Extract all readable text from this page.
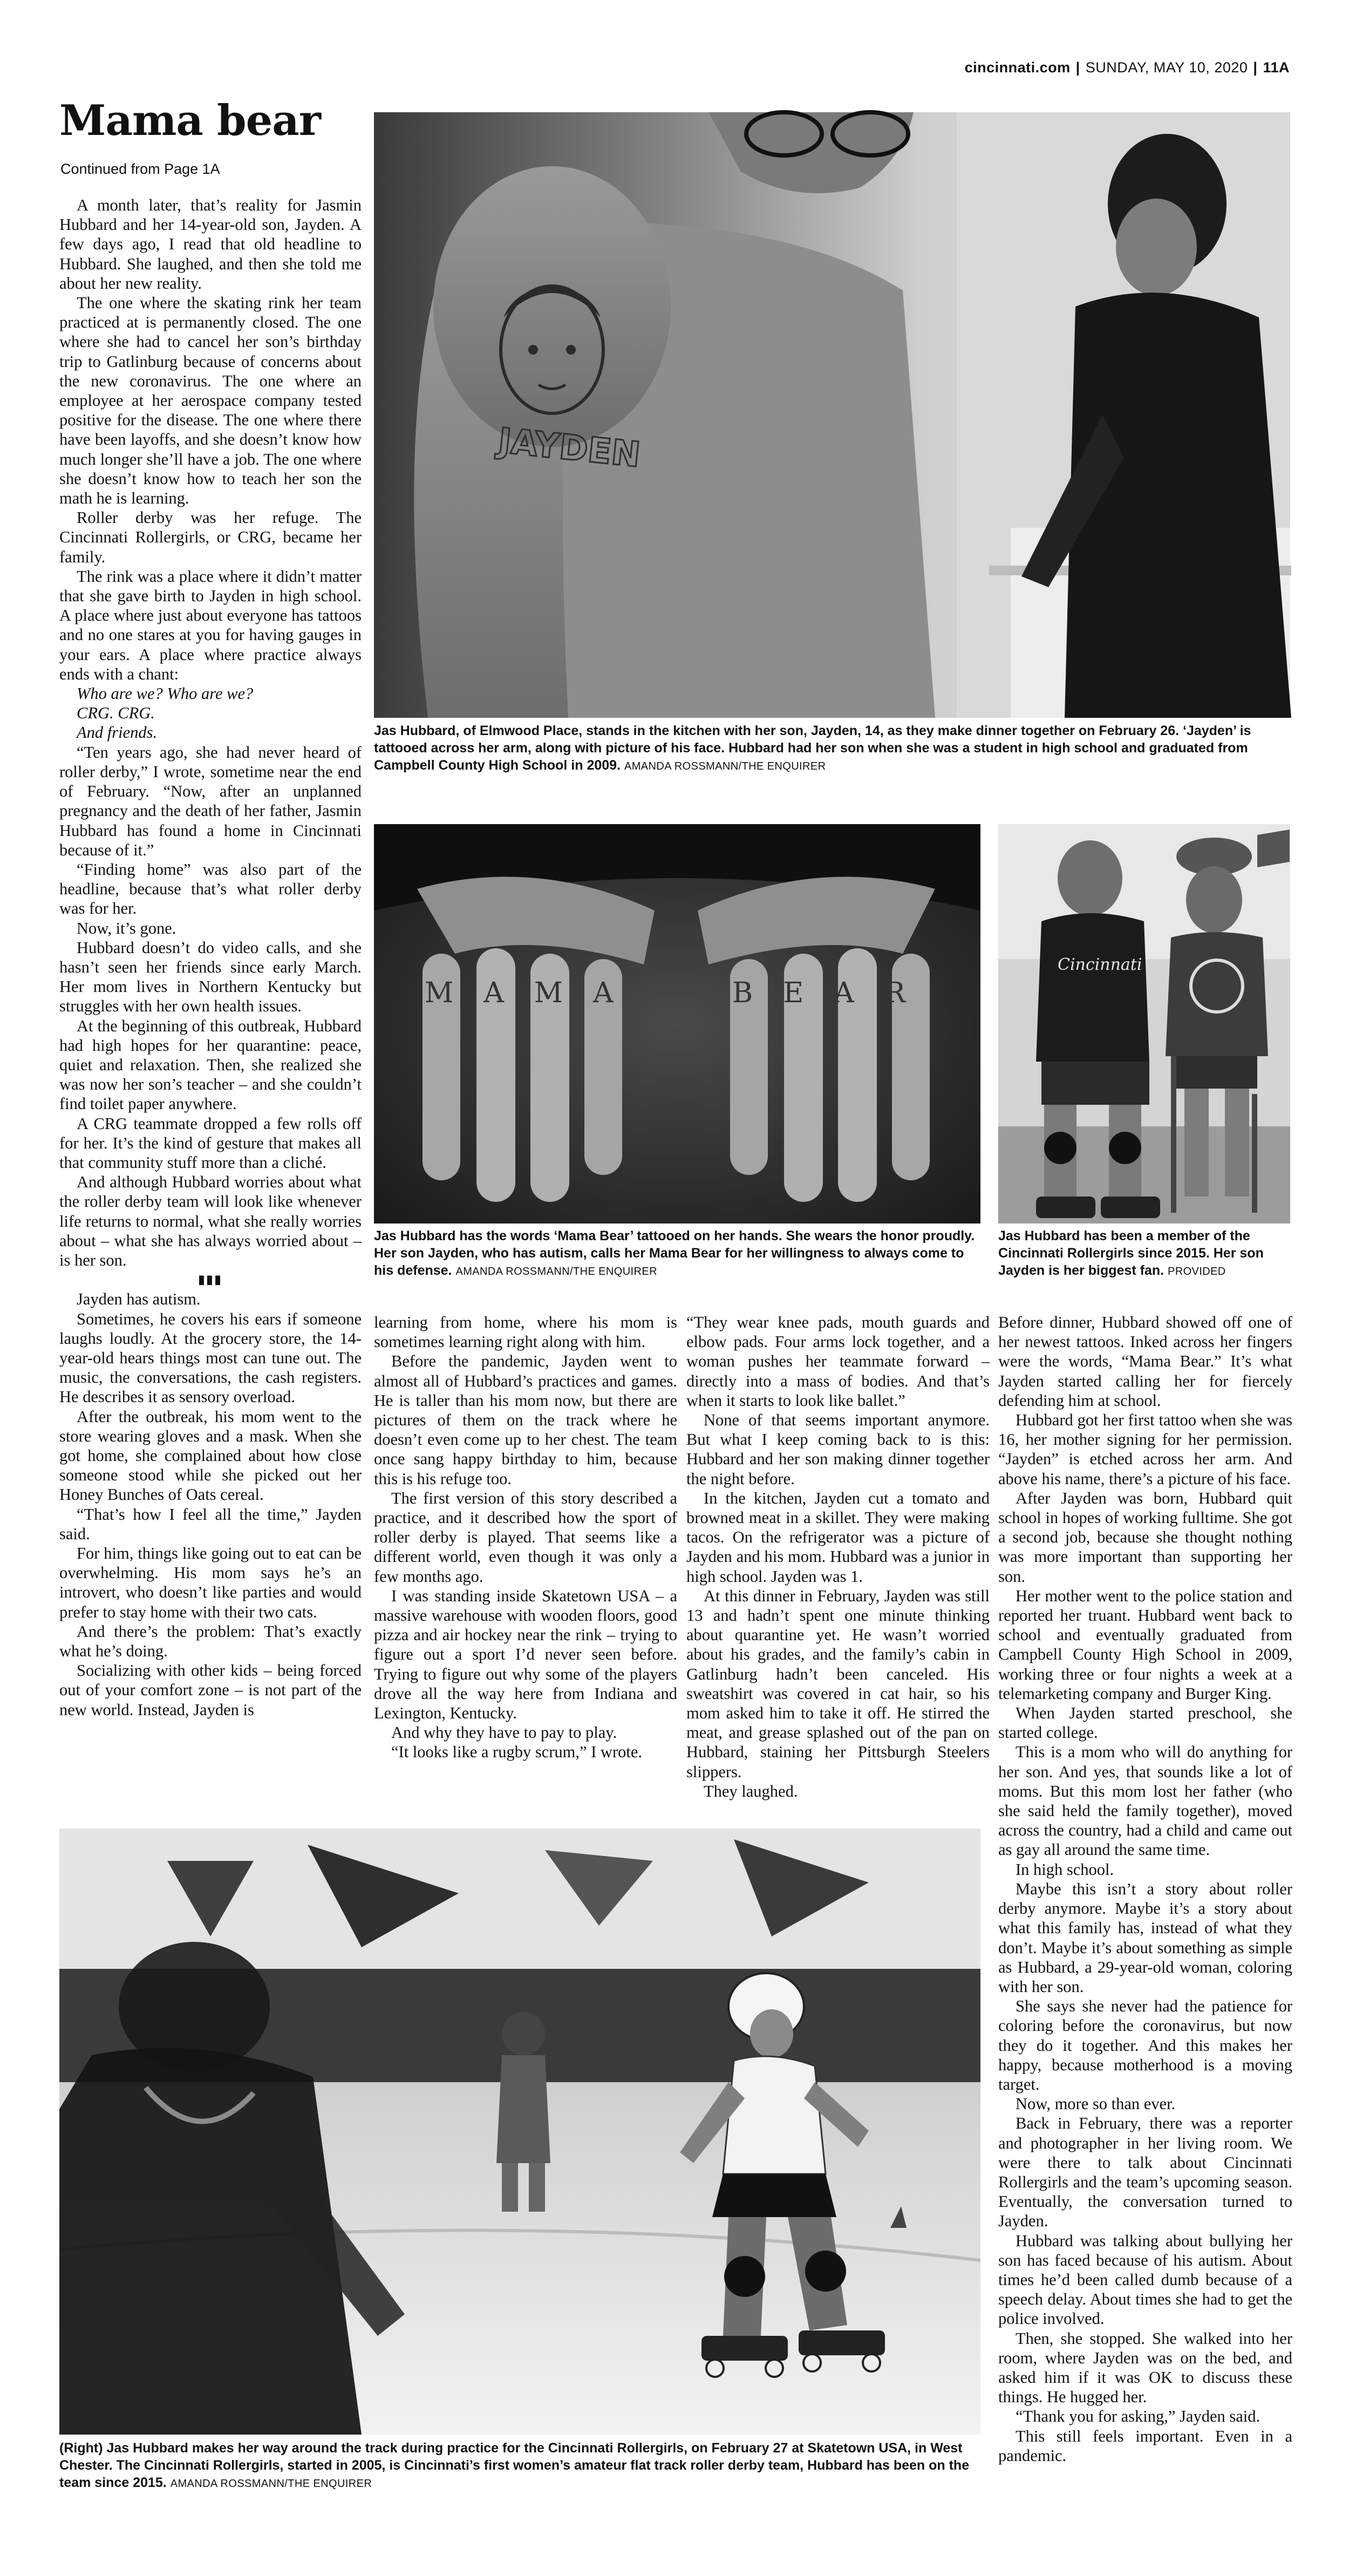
cincinnati.com | SUNDAY, MAY 10, 2020 | 11A
Mama bear
Continued from Page 1A

A month later, that’s reality for Jasmin Hubbard and her 14-year-old son, Jayden. A few days ago, I read that old headline to Hubbard. She laughed, and then she told me about her new reality.

The one where the skating rink her team practiced at is permanently closed. The one where she had to cancel her son’s birthday trip to Gatlinburg because of concerns about the new coronavirus. The one where an employee at her aerospace company tested positive for the disease. The one where there have been layoffs, and she doesn’t know how much longer she’ll have a job. The one where she doesn’t know how to teach her son the math he is learning.

Roller derby was her refuge. The Cincinnati Rollergirls, or CRG, became her family.

The rink was a place where it didn’t matter that she gave birth to Jayden in high school. A place where just about everyone has tattoos and no one stares at you for having gauges in your ears. A place where practice always ends with a chant:

Who are we? Who are we?

CRG. CRG.

And friends.

“Ten years ago, she had never heard of roller derby,” I wrote, sometime near the end of February. “Now, after an unplanned pregnancy and the death of her father, Jasmin Hubbard has found a home in Cincinnati because of it.”

“Finding home” was also part of the headline, because that’s what roller derby was for her.

Now, it’s gone.

Hubbard doesn’t do video calls, and she hasn’t seen her friends since early March. Her mom lives in Northern Kentucky but struggles with her own health issues.

At the beginning of this outbreak, Hubbard had high hopes for her quarantine: peace, quiet and relaxation. Then, she realized she was now her son’s teacher – and she couldn’t find toilet paper anywhere.

A CRG teammate dropped a few rolls off for her. It’s the kind of gesture that makes all that community stuff more than a cliché.

And although Hubbard worries about what the roller derby team will look like whenever life returns to normal, what she really worries about – what she has always worried about – is her son.

▮▮▮

Jayden has autism.

Sometimes, he covers his ears if someone laughs loudly. At the grocery store, the 14-year-old hears things most can tune out. The music, the conversations, the cash registers. He describes it as sensory overload.

After the outbreak, his mom went to the store wearing gloves and a mask. When she got home, she complained about how close someone stood while she picked out her Honey Bunches of Oats cereal.

“That’s how I feel all the time,” Jayden said.

For him, things like going out to eat can be overwhelming. His mom says he’s an introvert, who doesn’t like parties and would prefer to stay home with their two cats.

And there’s the problem: That’s exactly what he’s doing.

Socializing with other kids – being forced out of your comfort zone – is not part of the new world. Instead, Jayden is

JAYDEN
Jas Hubbard, of Elmwood Place, stands in the kitchen with her son, Jayden, 14, as they make dinner together on February 26. ‘Jayden’ is tattooed across her arm, along with picture of his face. Hubbard had her son when she was a student in high school and graduated from Campbell County High School in 2009. AMANDA ROSSMANN/THE ENQUIRER
MAMA	BEAR
Jas Hubbard has the words ‘Mama Bear’ tattooed on her hands. She wears the honor proudly. Her son Jayden, who has autism, calls her Mama Bear for her willingness to always come to his defense. AMANDA ROSSMANN/THE ENQUIRER
Cincinnati
Jas Hubbard has been a member of the Cincinnati Rollergirls since 2015. Her son Jayden is her biggest fan. PROVIDED

learning from home, where his mom is sometimes learning right along with him.

Before the pandemic, Jayden went to almost all of Hubbard’s practices and games. He is taller than his mom now, but there are pictures of them on the track where he doesn’t even come up to her chest. The team once sang happy birthday to him, because this is his refuge too.

The first version of this story described a practice, and it described how the sport of roller derby is played. That seems like a different world, even though it was only a few months ago.

I was standing inside Skatetown USA – a massive warehouse with wooden floors, good pizza and air hockey near the rink – trying to figure out a sport I’d never seen before. Trying to figure out why some of the players drove all the way here from Indiana and Lexington, Kentucky.

And why they have to pay to play.

“It looks like a rugby scrum,” I wrote.

“They wear knee pads, mouth guards and elbow pads. Four arms lock together, and a woman pushes her teammate forward – directly into a mass of bodies. And that’s when it starts to look like ballet.”

None of that seems important anymore. But what I keep coming back to is this: Hubbard and her son making dinner together the night before.

In the kitchen, Jayden cut a tomato and browned meat in a skillet. They were making tacos. On the refrigerator was a picture of Jayden and his mom. Hubbard was a junior in high school. Jayden was 1.

At this dinner in February, Jayden was still 13 and hadn’t spent one minute thinking about quarantine yet. He wasn’t worried about his grades, and the family’s cabin in Gatlinburg hadn’t been canceled. His sweatshirt was covered in cat hair, so his mom asked him to take it off. He stirred the meat, and grease splashed out of the pan on Hubbard, staining her Pittsburgh Steelers slippers.

They laughed.

Before dinner, Hubbard showed off one of her newest tattoos. Inked across her fingers were the words, “Mama Bear.” It’s what Jayden started calling her for fiercely defending him at school.

Hubbard got her first tattoo when she was 16, her mother signing for her permission. “Jayden” is etched across her arm. And above his name, there’s a picture of his face.

After Jayden was born, Hubbard quit school in hopes of working fulltime. She got a second job, because she thought nothing was more important than supporting her son.

Her mother went to the police station and reported her truant. Hubbard went back to school and eventually graduated from Campbell County High School in 2009, working three or four nights a week at a telemarketing company and Burger King.

When Jayden started preschool, she started college.

This is a mom who will do anything for her son. And yes, that sounds like a lot of moms. But this mom lost her father (who she said held the family together), moved across the country, had a child and came out as gay all around the same time.

In high school.

Maybe this isn’t a story about roller derby anymore. Maybe it’s a story about what this family has, instead of what they don’t. Maybe it’s about something as simple as Hubbard, a 29-year-old woman, coloring with her son.

She says she never had the patience for coloring before the coronavirus, but now they do it together. And this makes her happy, because motherhood is a moving target.

Now, more so than ever.

Back in February, there was a reporter and photographer in her living room. We were there to talk about Cincinnati Rollergirls and the team’s upcoming season. Eventually, the conversation turned to Jayden.

Hubbard was talking about bullying her son has faced because of his autism. About times he’d been called dumb because of a speech delay. About times she had to get the police involved.

Then, she stopped. She walked into her room, where Jayden was on the bed, and asked him if it was OK to discuss these things. He hugged her.

“Thank you for asking,” Jayden said.

This still feels important. Even in a pandemic.

(Right) Jas Hubbard makes her way around the track during practice for the Cincinnati Rollergirls, on February 27 at Skatetown USA, in West Chester. The Cincinnati Rollergirls, started in 2005, is Cincinnati’s first women’s amateur flat track roller derby team, Hubbard has been on the team since 2015. AMANDA ROSSMANN/THE ENQUIRER
